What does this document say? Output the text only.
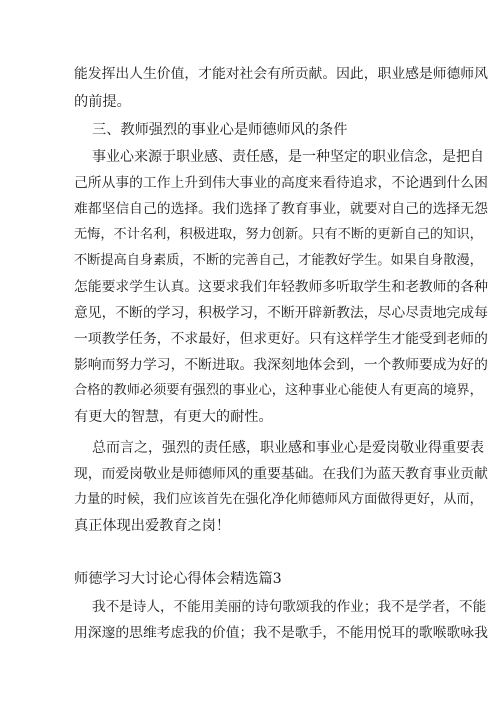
能发挥出人生价值，才能对社会有所贡献。因此，职业感是师德师风

的前提。

三、教师强烈的事业心是师德师风的条件

事业心来源于职业感、责任感，是一种坚定的职业信念，是把自

己所从事的工作上升到伟大事业的高度来看待追求，不论遇到什么困

难都坚信自己的选择。我们选择了教育事业，就要对自己的选择无怨

无悔，不计名利，积极进取，努力创新。只有不断的更新自己的知识，

不断提高自身素质，不断的完善自己，才能教好学生。如果自身散漫，

怎能要求学生认真。这要求我们年轻教师多听取学生和老教师的各种

意见，不断的学习，积极学习，不断开辟新教法，尽心尽责地完成每

一项教学任务，不求最好，但求更好。只有这样学生才能受到老师的

影响而努力学习，不断进取。我深刻地体会到，一个教师要成为好的

合格的教师必须要有强烈的事业心，这种事业心能使人有更高的境界，

有更大的智慧，有更大的耐性。

总而言之，强烈的责任感，职业感和事业心是爱岗敬业得重要表

现，而爱岗敬业是师德师风的重要基础。在我们为蓝天教育事业贡献

力量的时候，我们应该首先在强化净化师德师风方面做得更好，从而，

真正体现出爱教育之岗！

师德学习大讨论心得体会精选篇3

我不是诗人，不能用美丽的诗句歌颂我的作业；我不是学者，不能

用深邃的思维考虑我的价值；我不是歌手，不能用悦耳的歌喉歌咏我
